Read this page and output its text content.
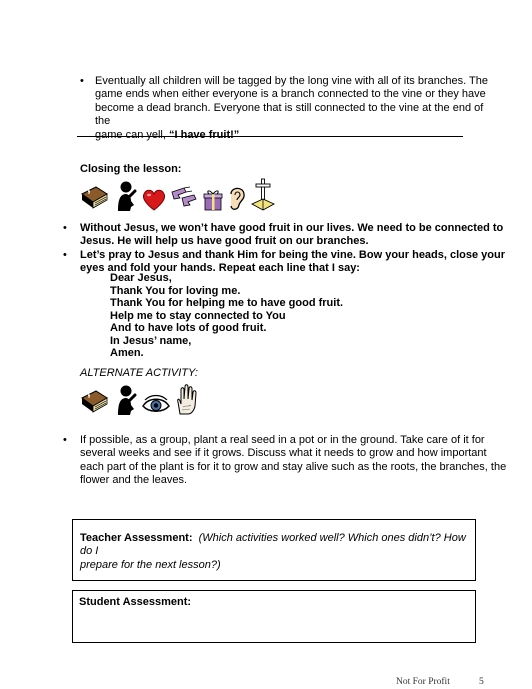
• Eventually all children will be tagged by the long vine with all of its branches. The
game ends when either everyone is a branch connected to the vine or they have
become a dead branch. Everyone that is still connected to the vine at the end of the
game can yell, “I have fruit!”
Closing the lesson:
• Without Jesus, we won’t have good fruit in our lives. We need to be connected to
Jesus. He will help us have good fruit on our branches.
• Let’s pray to Jesus and thank Him for being the vine. Bow your heads, close your
eyes and fold your hands. Repeat each line that I say:
Dear Jesus,
Thank You for loving me.
Thank You for helping me to have good fruit.
Help me to stay connected to You
And to have lots of good fruit.
In Jesus’ name,
Amen.
ALTERNATE ACTIVITY:
• If possible, as a group, plant a real seed in a pot or in the ground. Take care of it for
several weeks and see if it grows. Discuss what it needs to grow and how important
each part of the plant is for it to grow and stay alive such as the roots, the branches, the
flower and the leaves.
Teacher Assessment: (Which activities worked well? Which ones didn’t? How do I
prepare for the next lesson?)
Student Assessment:
Not For Profit	5
